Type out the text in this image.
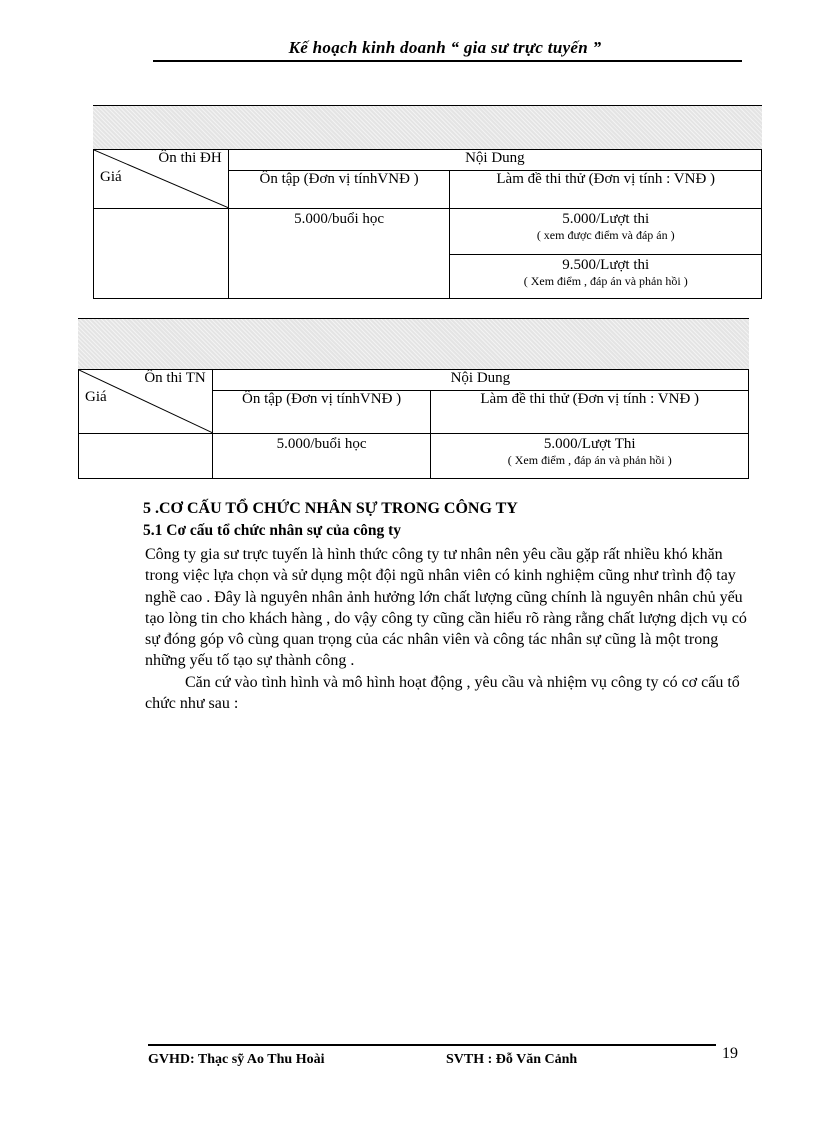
Kế hoạch kinh doanh “ gia sư trực tuyến ”
Ôn thi ĐH
Giá	Nội Dung	
	Ôn tập (Đơn vị tínhVNĐ )	Làm đề thi thử (Đơn vị tính : VNĐ )
	5.000/buổi học	5.000/Lượt thi
( xem được điểm và đáp án )

		9.500/Lượt thi
( Xem điểm , đáp án và phản hồi )
Ôn thi TN
Giá	Nội Dung	
	Ôn tập (Đơn vị tínhVNĐ )	Làm đề thi thử (Đơn vị tính : VNĐ )
	5.000/buổi học	5.000/Lượt Thi
( Xem điểm , đáp án và phản hồi )
5 .CƠ CẤU TỔ CHỨC NHÂN SỰ TRONG CÔNG TY
5.1 Cơ cấu tổ chức nhân sự của công ty

Công ty gia sư trực tuyến là hình thức công ty tư nhân nên yêu cầu gặp rất nhiều khó khăn trong việc lựa chọn và sử dụng một đội ngũ nhân viên có kinh nghiệm cũng như trình độ tay nghề cao . Đây là nguyên nhân ảnh hưởng lớn chất lượng cũng chính là nguyên nhân chủ yếu tạo lòng tin cho khách hàng , do vậy công ty cũng cần hiểu rõ ràng rằng chất lượng dịch vụ có sự đóng góp vô cùng quan trọng của các nhân viên và công tác nhân sự cũng là một trong những yếu tố tạo sự thành công .

Căn cứ vào tình hình và mô hình hoạt động , yêu cầu và nhiệm vụ công ty có cơ cấu tổ chức như sau :

GVHD: Thạc sỹ Ao Thu Hoài	SVTH : Đỗ Văn Cảnh	19
